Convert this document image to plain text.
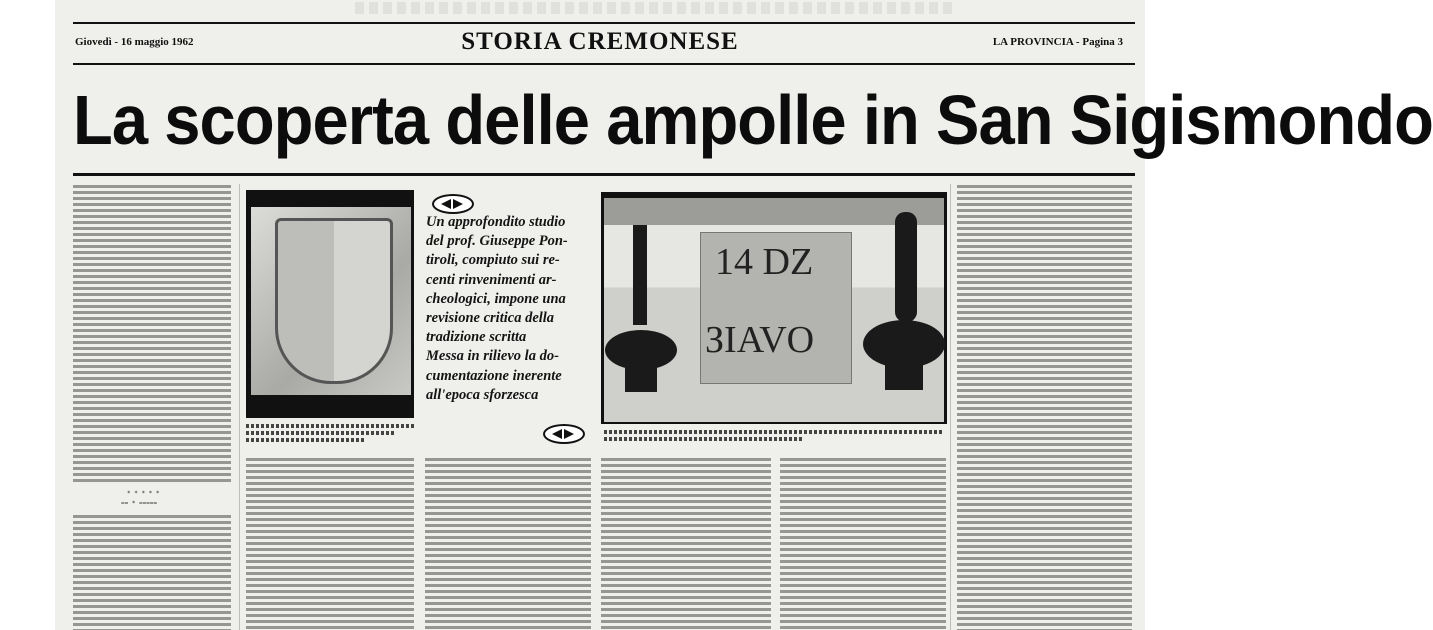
Giovedì - 16 maggio 1962	STORIA CREMONESE	LA PROVINCIA - Pagina 3
La scoperta delle ampolle in San Sigismondo
* * * * *
== * =====

Un approfondito studio

del prof. Giuseppe Pon-

tiroli, compiuto sui re-

centi rinvenimenti ar-

cheologici, impone una

revisione critica della

tradizione scritta

Messa in rilievo la do-

cumentazione inerente

all'epoca sforzesca

14 DZ
ЗIAVO
